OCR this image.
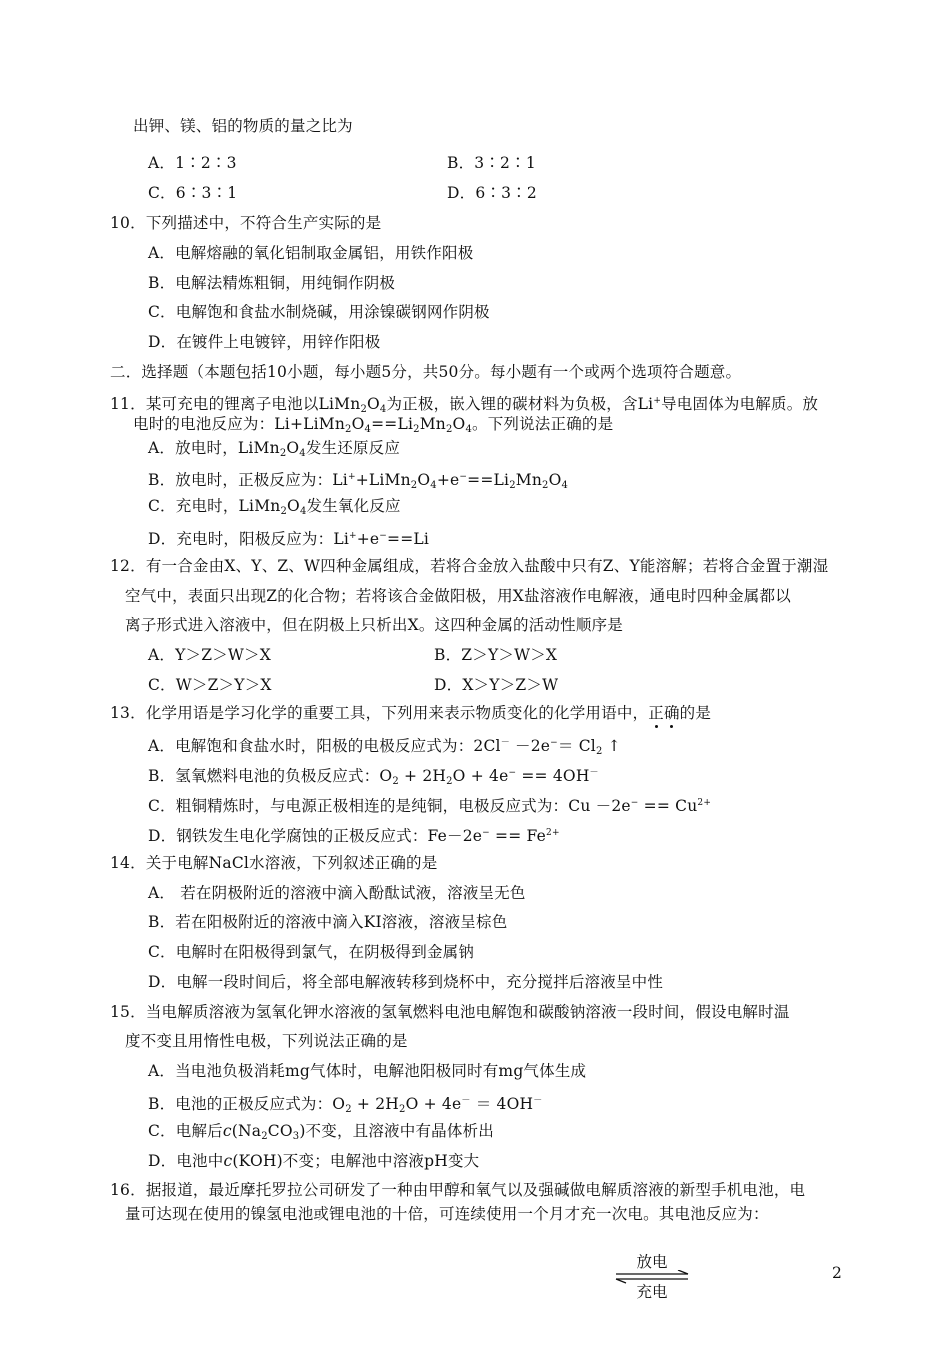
出钾、镁、铝的物质的量之比为
A．1∶2∶3	B．3∶2∶1
C．6∶3∶1	D．6∶3∶2
10．下列描述中，不符合生产实际的是
A．电解熔融的氧化铝制取金属铝，用铁作阳极
B．电解法精炼粗铜，用纯铜作阴极
C．电解饱和食盐水制烧碱，用涂镍碳钢网作阴极
D．在镀件上电镀锌，用锌作阳极
二．选择题（本题包括10小题，每小题5分，共50分。每小题有一个或两个选项符合题意。
11．某可充电的锂离子电池以$LiMn_2O_4$为正极，嵌入锂的碳材料为负极，含Li+导电固体为电解质。放
电时的电池反应为：$Li+LiMn_2O_4==Li_2Mn_2O_4$。下列说法正确的是
A．放电时，$LiMn_2O_4$发生还原反应
B．放电时，正极反应为：$Li^++LiMn_2O_4+e^-==Li_2Mn_2O_4$
C．充电时，$LiMn_2O_4$发生氧化反应
D．充电时，阳极反应为：Li++e−==Li
12．有一合金由X、Y、Z、W四种金属组成，若将合金放入盐酸中只有Z、Y能溶解；若将合金置于潮湿
空气中，表面只出现Z的化合物；若将该合金做阳极，用X盐溶液作电解液，通电时四种金属都以
离子形式进入溶液中，但在阴极上只析出X。这四种金属的活动性顺序是
A．Y＞Z＞W＞X	B．Z＞Y＞W＞X
C．W＞Z＞Y＞X	D．X＞Y＞Z＞W
13．化学用语是学习化学的重要工具，下列用来表示物质变化的化学用语中，正确的是
A．电解饱和食盐水时，阳极的电极反应式为：$2Cl^- -2e^-= Cl_2$ ↑
B．氢氧燃料电池的负极反应式：$O_2 + 2H_2O + 4e^- == 4OH^-$
C．粗铜精炼时，与电源正极相连的是纯铜，电极反应式为：$Cu -2e^- == Cu^{2+}$
D．钢铁发生电化学腐蚀的正极反应式：$Fe-2e^- == Fe^{2+}$
14．关于电解NaCl水溶液，下列叙述正确的是
A． 若在阴极附近的溶液中滴入酚酞试液，溶液呈无色
B．若在阳极附近的溶液中滴入KI溶液，溶液呈棕色
C．电解时在阳极得到氯气，在阴极得到金属钠
D．电解一段时间后，将全部电解液转移到烧杯中，充分搅拌后溶液呈中性
15．当电解质溶液为氢氧化钾水溶液的氢氧燃料电池电解饱和碳酸钠溶液一段时间，假设电解时温
度不变且用惰性电极，下列说法正确的是
A．当电池负极消耗mg气体时，电解池阳极同时有mg气体生成
B．电池的正极反应式为：$O_2 + 2H_2O + 4e^- = 4OH^-$
C．电解后$c(Na_2CO_3)$不变，且溶液中有晶体析出
D．电池中c(KOH)不变；电解池中溶液pH变大
16．据报道，最近摩托罗拉公司研发了一种由甲醇和氧气以及强碱做电解质溶液的新型手机电池，电
量可达现在使用的镍氢电池或锂电池的十倍，可连续使用一个月才充一次电。其电池反应为：
放电
充电
2
